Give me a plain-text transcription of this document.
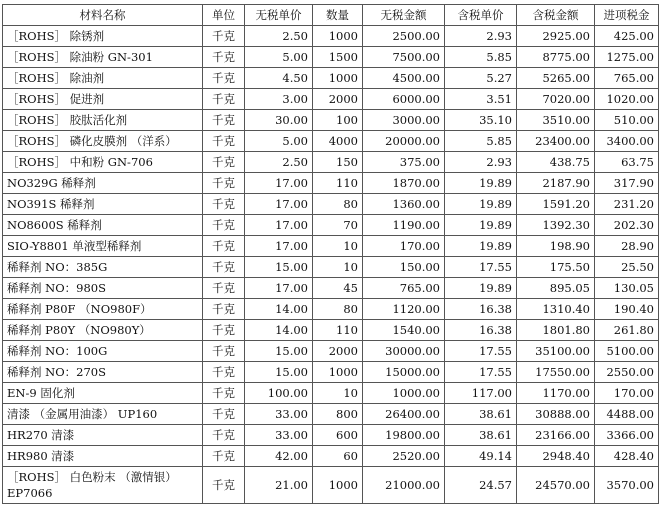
材料名称	单位	无税单价	数量	无税金额	含税单价	含税金额	进项税金
［ROHS］ 除锈剂	千克	2.50	1000	2500.00	2.93	2925.00	425.00
［ROHS］ 除油粉 GN-301	千克	5.00	1500	7500.00	5.85	8775.00	1275.00
［ROHS］ 除油剂	千克	4.50	1000	4500.00	5.27	5265.00	765.00
［ROHS］ 促进剂	千克	3.00	2000	6000.00	3.51	7020.00	1020.00
［ROHS］ 胶肽活化剂	千克	30.00	100	3000.00	35.10	3510.00	510.00
［ROHS］ 磷化皮膜剂 （洋系）	千克	5.00	4000	20000.00	5.85	23400.00	3400.00
［ROHS］ 中和粉 GN-706	千克	2.50	150	375.00	2.93	438.75	63.75
NO329G 稀释剂	千克	17.00	110	1870.00	19.89	2187.90	317.90
NO391S 稀释剂	千克	17.00	80	1360.00	19.89	1591.20	231.20
NO8600S 稀释剂	千克	17.00	70	1190.00	19.89	1392.30	202.30
SIO-Y8801 单液型稀释剂	千克	17.00	10	170.00	19.89	198.90	28.90
稀释剂 NO：385G	千克	15.00	10	150.00	17.55	175.50	25.50
稀释剂 NO：980S	千克	17.00	45	765.00	19.89	895.05	130.05
稀释剂 P80F （NO980F）	千克	14.00	80	1120.00	16.38	1310.40	190.40
稀释剂 P80Y （NO980Y）	千克	14.00	110	1540.00	16.38	1801.80	261.80
稀释剂 NO：100G	千克	15.00	2000	30000.00	17.55	35100.00	5100.00
稀释剂 NO：270S	千克	15.00	1000	15000.00	17.55	17550.00	2550.00
EN-9 固化剂	千克	100.00	10	1000.00	117.00	1170.00	170.00
清漆 （金属用油漆） UP160	千克	33.00	800	26400.00	38.61	30888.00	4488.00
HR270 清漆	千克	33.00	600	19800.00	38.61	23166.00	3366.00
HR980 清漆	千克	42.00	60	2520.00	49.14	2948.40	428.40
［ROHS］ 白色粉末 （激情银） EP7066	千克	21.00	1000	21000.00	24.57	24570.00	3570.00
